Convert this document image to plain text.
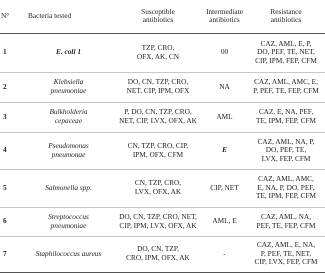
N°	Bacteria tested	Susceptible
antibiotics	Intermediate
antibiotics	Resistance
antibiotics

1	E. coli 1	TZP, CRO,
OFX, AK, CN	00	CAZ, AML, E, P,
DO, PEF, TE, NET,
CIP, IPM, FEP, CFM

2	Klebsiella
pneumoniae	DO, CN, TZP, CRO,
NET, CIP, IPM, OFX	NA	CAZ, AML, AMC, E,
P, PEF, TE, FEP, CFM

3	Bulkholderia
cepaceae	P, DO, CN, TZP, CRO,
NET, CIP, LVX, OFX, AK	AML	CAZ, E, NA, PEF,
TE, IPM, FEP, CFM

4	Pseudomonas
pneumonae	CN, TZP, CRO, CIP,
IPM, OFX, CFM	E	CAZ, AML, NA, P,
DO, PEF, TE,
LVX, FEP, CFM

5	Salmonella spp.	CN, TZP, CRO,
LVX, OFX, AK	CIP, NET	CAZ, AML, AMC,
E, NA, P, DO, PEF,
TE, IPM, FEP, CFM

6	Streptococcus
pneumoniae	DO, CN, TZP, CRO, NET,
CIP, IPM, LVX, OFX, AK	AML, E	CAZ, AML, NA,
PEF, TE, FEP, CFM

7	Staphilococcus aureus	DO, CN, TZP,
CRO, IPM, OFX, AK	-	CAZ, AML, E, NA,
P, PEF, TE, NET,
CIP, LVX, FEP, CFM
